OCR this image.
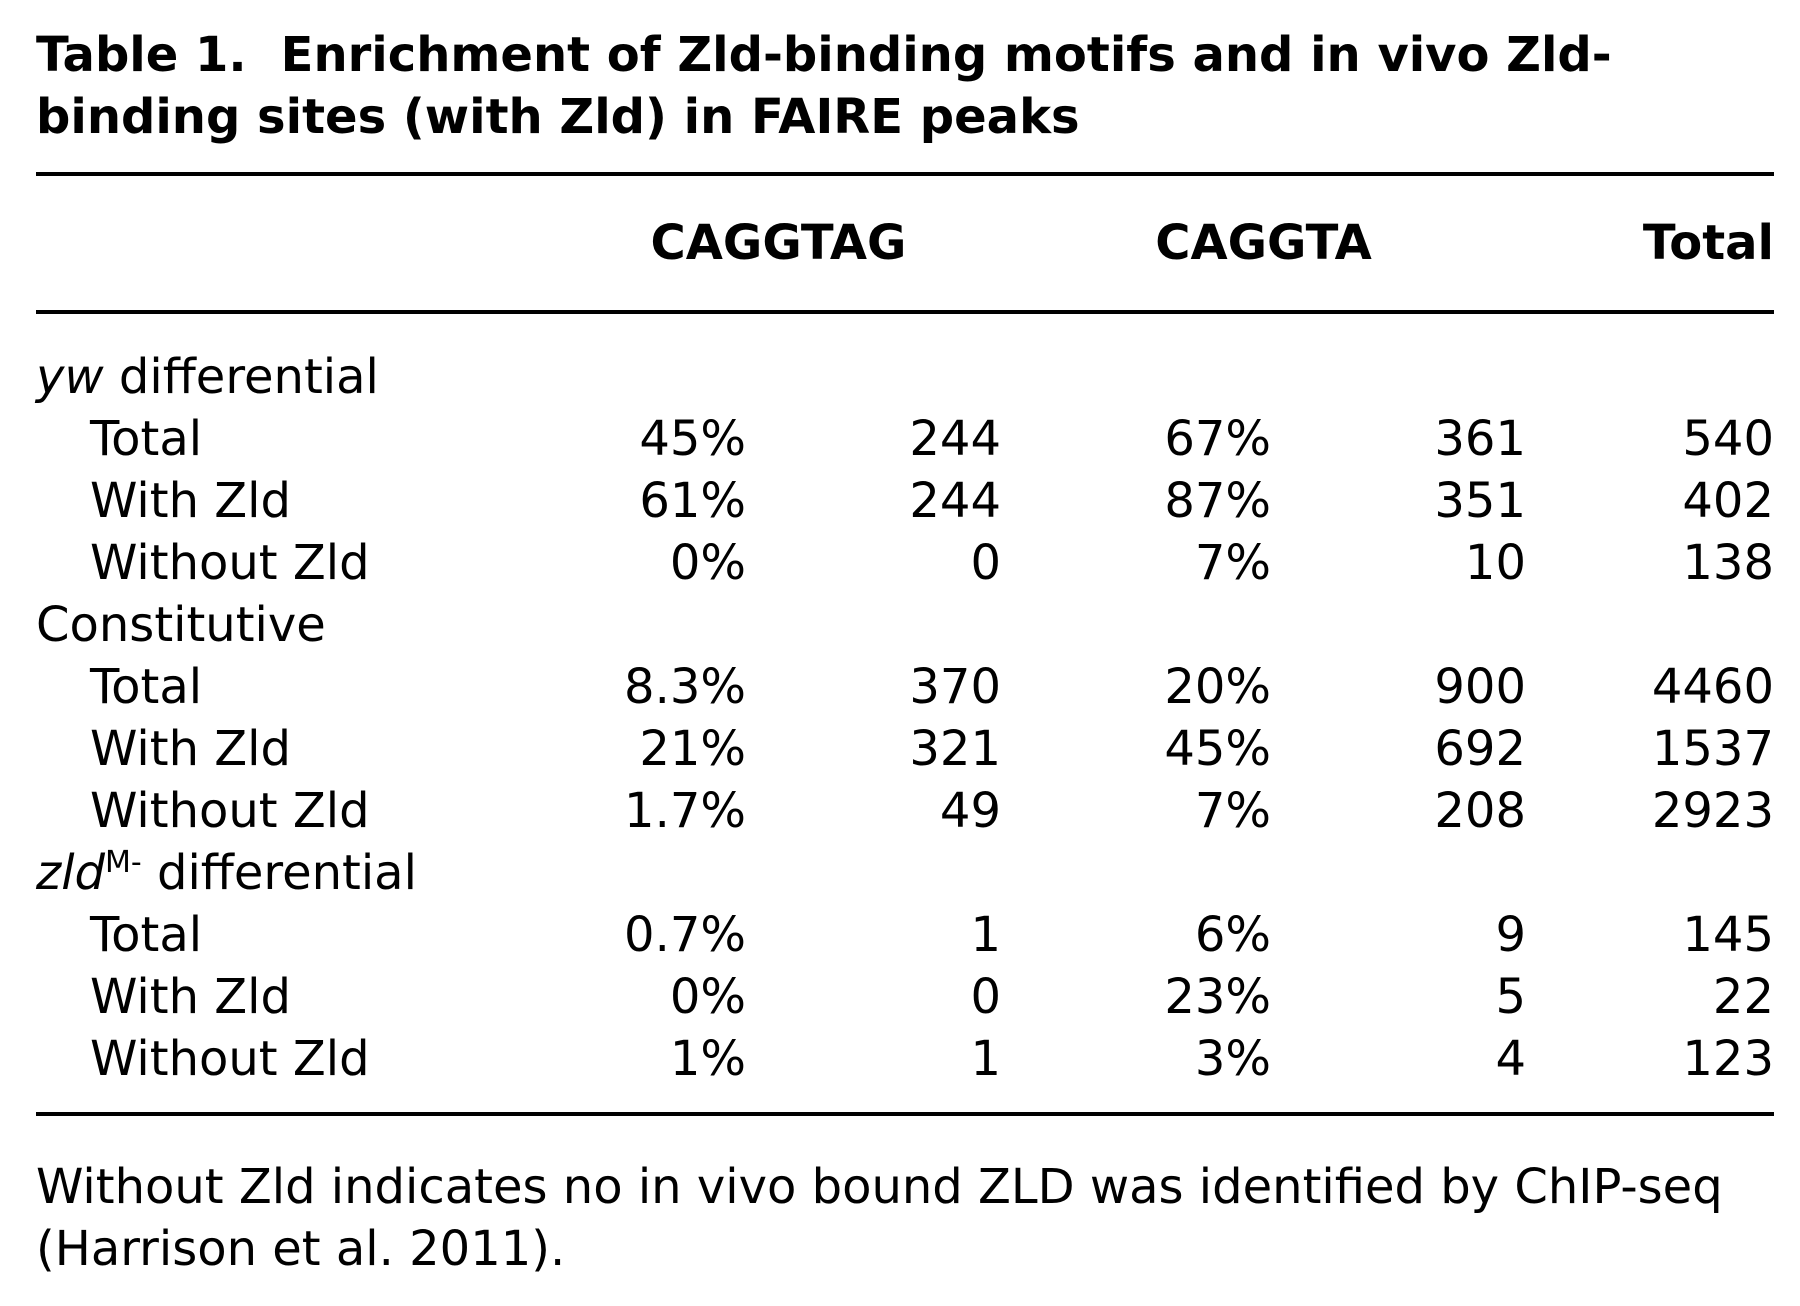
Table 1. Enrichment of Zld-binding motifs and in vivo Zld-binding sites (with Zld) in FAIRE peaks

	CAGGTAG		CAGGTA		Total
yw differential					
Total	45%	244	67%	361	540
With Zld	61%	244	87%	351	402
Without Zld	0%	0	7%	10	138
Constitutive					
Total	8.3%	370	20%	900	4460
With Zld	21%	321	45%	692	1537
Without Zld	1.7%	49	7%	208	2923
zld$^{M-}$ differential					
Total	0.7%	1	6%	9	145
With Zld	0%	0	23%	5	22
Without Zld	1%	1	3%	4	123

Without Zld indicates no in vivo bound ZLD was identified by ChIP-seq (Harrison et al. 2011).
